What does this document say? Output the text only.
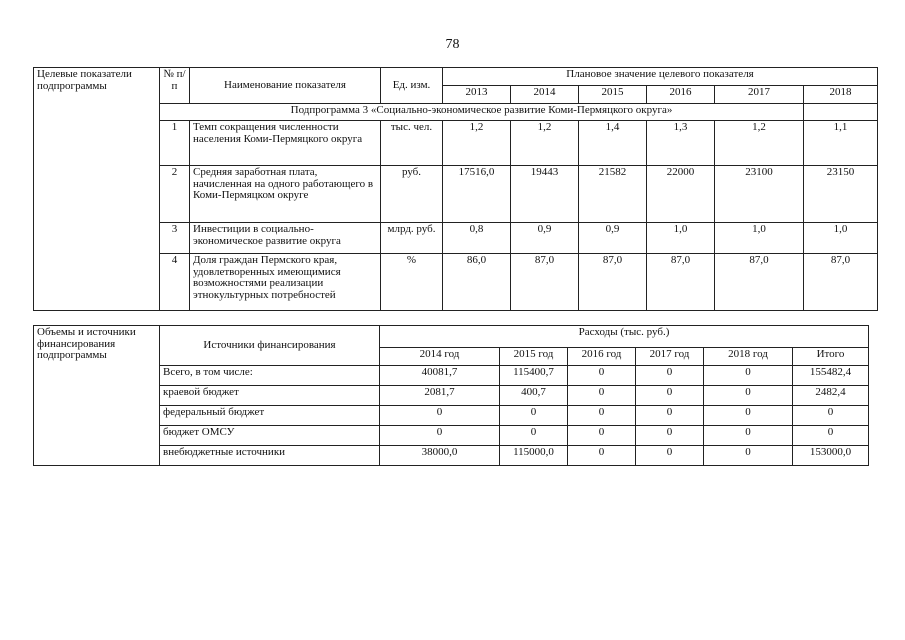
78
Целевые показатели подпрограммы	№ п/п	Наименование показателя	Ед. изм.	Плановое значение целевого показателя					
				2013	2014	2015	2016	2017	2018
	Подпрограмма 3 «Социально-экономическое развитие Коми-Пермяцкого округа»								
	1	Темп сокращения численности населения Коми-Пермяцкого округа	тыс. чел.	1,2	1,2	1,4	1,3	1,2	1,1
	2	Средняя заработная плата, начисленная на одного работающего в Коми-Пермяцком округе	руб.	17516,0	19443	21582	22000	23100	23150
	3	Инвестиции в социально-экономическое развитие округа	млрд. руб.	0,8	0,9	0,9	1,0	1,0	1,0
	4	Доля граждан Пермского края, удовлетворенных имеющимися возможностями реализации этнокультурных потребностей	%	86,0	87,0	87,0	87,0	87,0	87,0
Объемы и источники финансирования подпрограммы	Источники финансирования	Расходы (тыс. руб.)					
		2014 год	2015 год	2016 год	2017 год	2018 год	Итого
	Всего, в том числе:	40081,7	115400,7	0	0	0	155482,4
	краевой бюджет	2081,7	400,7	0	0	0	2482,4
	федеральный бюджет	0	0	0	0	0	0
	бюджет ОМСУ	0	0	0	0	0	0
	внебюджетные источники	38000,0	115000,0	0	0	0	153000,0
